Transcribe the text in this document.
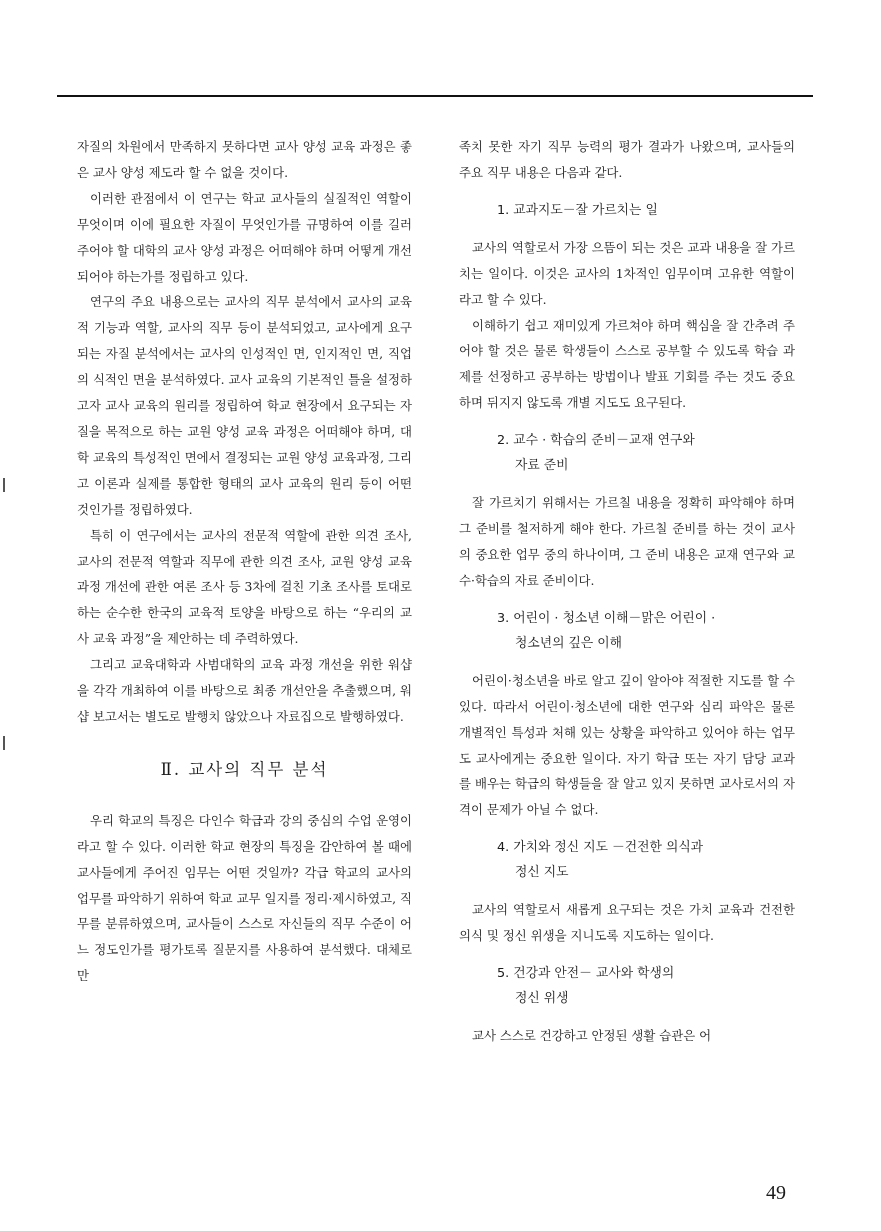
자질의 차원에서 만족하지 못하다면 교사 양성 교육 과정은 좋은 교사 양성 제도라 할 수 없을 것이다.

이러한 관점에서 이 연구는 학교 교사들의 실질적인 역할이 무엇이며 이에 필요한 자질이 무엇인가를 규명하여 이를 길러 주어야 할 대학의 교사 양성 과정은 어떠해야 하며 어떻게 개선되어야 하는가를 정립하고 있다.

연구의 주요 내용으로는 교사의 직무 분석에서 교사의 교육적 기능과 역할, 교사의 직무 등이 분석되었고, 교사에게 요구되는 자질 분석에서는 교사의 인성적인 면, 인지적인 면, 직업의 식적인 면을 분석하였다. 교사 교육의 기본적인 틀을 설정하고자 교사 교육의 원리를 정립하여 학교 현장에서 요구되는 자질을 목적으로 하는 교원 양성 교육 과정은 어떠해야 하며, 대학 교육의 특성적인 면에서 결정되는 교원 양성 교육과정, 그리고 이론과 실제를 통합한 형태의 교사 교육의 원리 등이 어떤 것인가를 정립하였다.

특히 이 연구에서는 교사의 전문적 역할에 관한 의견 조사, 교사의 전문적 역할과 직무에 관한 의견 조사, 교원 양성 교육 과정 개선에 관한 여론 조사 등 3차에 걸친 기초 조사를 토대로 하는 순수한 한국의 교육적 토양을 바탕으로 하는 “우리의 교사 교육 과정”을 제안하는 데 주력하였다.

그리고 교육대학과 사범대학의 교육 과정 개선을 위한 워샵을 각각 개최하여 이를 바탕으로 최종 개선안을 추출했으며, 워샵 보고서는 별도로 발행치 않았으나 자료집으로 발행하였다.

Ⅱ. 교사의 직무 분석

우리 학교의 특징은 다인수 학급과 강의 중심의 수업 운영이라고 할 수 있다. 이러한 학교 현장의 특징을 감안하여 볼 때에 교사들에게 주어진 임무는 어떤 것일까? 각급 학교의 교사의 업무를 파악하기 위하여 학교 교무 일지를 정리·제시하였고, 직무를 분류하였으며, 교사들이 스스로 자신들의 직무 수준이 어느 정도인가를 평가토록 질문지를 사용하여 분석했다. 대체로 만

족치 못한 자기 직무 능력의 평가 결과가 나왔으며, 교사들의 주요 직무 내용은 다음과 같다.

1. 교과지도－잘 가르치는 일

교사의 역할로서 가장 으뜸이 되는 것은 교과 내용을 잘 가르치는 일이다. 이것은 교사의 1차적인 임무이며 고유한 역할이라고 할 수 있다.

이해하기 쉽고 재미있게 가르쳐야 하며 핵심을 잘 간추려 주어야 할 것은 물론 학생들이 스스로 공부할 수 있도록 학습 과제를 선정하고 공부하는 방법이나 발표 기회를 주는 것도 중요하며 뒤지지 않도록 개별 지도도 요구된다.

2. 교수 · 학습의 준비－교재 연구와
자료 준비

잘 가르치기 위해서는 가르칠 내용을 정확히 파악해야 하며 그 준비를 철저하게 해야 한다. 가르칠 준비를 하는 것이 교사의 중요한 업무 중의 하나이며, 그 준비 내용은 교재 연구와 교수·학습의 자료 준비이다.

3. 어린이 · 청소년 이해－맑은 어린이 ·
청소년의 깊은 이해

어린이·청소년을 바로 알고 깊이 알아야 적절한 지도를 할 수 있다. 따라서 어린이·청소년에 대한 연구와 심리 파악은 물론 개별적인 특성과 처해 있는 상황을 파악하고 있어야 하는 업무도 교사에게는 중요한 일이다. 자기 학급 또는 자기 담당 교과를 배우는 학급의 학생들을 잘 알고 있지 못하면 교사로서의 자격이 문제가 아닐 수 없다.

4. 가치와 정신 지도 －건전한 의식과
정신 지도

교사의 역할로서 새롭게 요구되는 것은 가치 교육과 건전한 의식 및 정신 위생을 지니도록 지도하는 일이다.

5. 건강과 안전－ 교사와 학생의
정신 위생

교사 스스로 건강하고 안정된 생활 습관은 어

49
